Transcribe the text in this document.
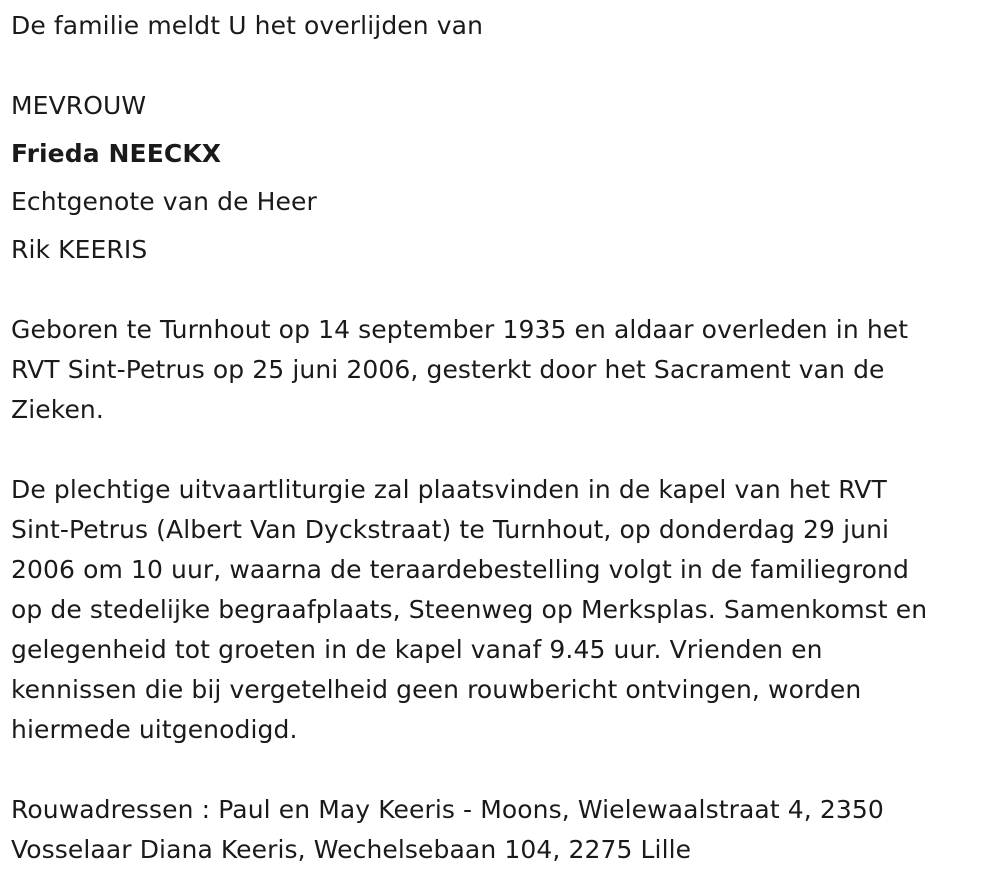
De familie meldt U het overlijden van
MEVROUW
Frieda NEECKX
Echtgenote van de Heer
Rik KEERIS
Geboren te Turnhout op 14 september 1935 en aldaar overleden in het
RVT Sint-Petrus op 25 juni 2006, gesterkt door het Sacrament van de
Zieken.
De plechtige uitvaartliturgie zal plaatsvinden in de kapel van het RVT
Sint-Petrus (Albert Van Dyckstraat) te Turnhout, op donderdag 29 juni
2006 om 10 uur, waarna de teraardebestelling volgt in de familiegrond
op de stedelijke begraafplaats, Steenweg op Merksplas. Samenkomst en
gelegenheid tot groeten in de kapel vanaf 9.45 uur. Vrienden en
kennissen die bij vergetelheid geen rouwbericht ontvingen, worden
hiermede uitgenodigd.
Rouwadressen : Paul en May Keeris - Moons, Wielewaalstraat 4, 2350
Vosselaar Diana Keeris, Wechelsebaan 104, 2275 Lille
